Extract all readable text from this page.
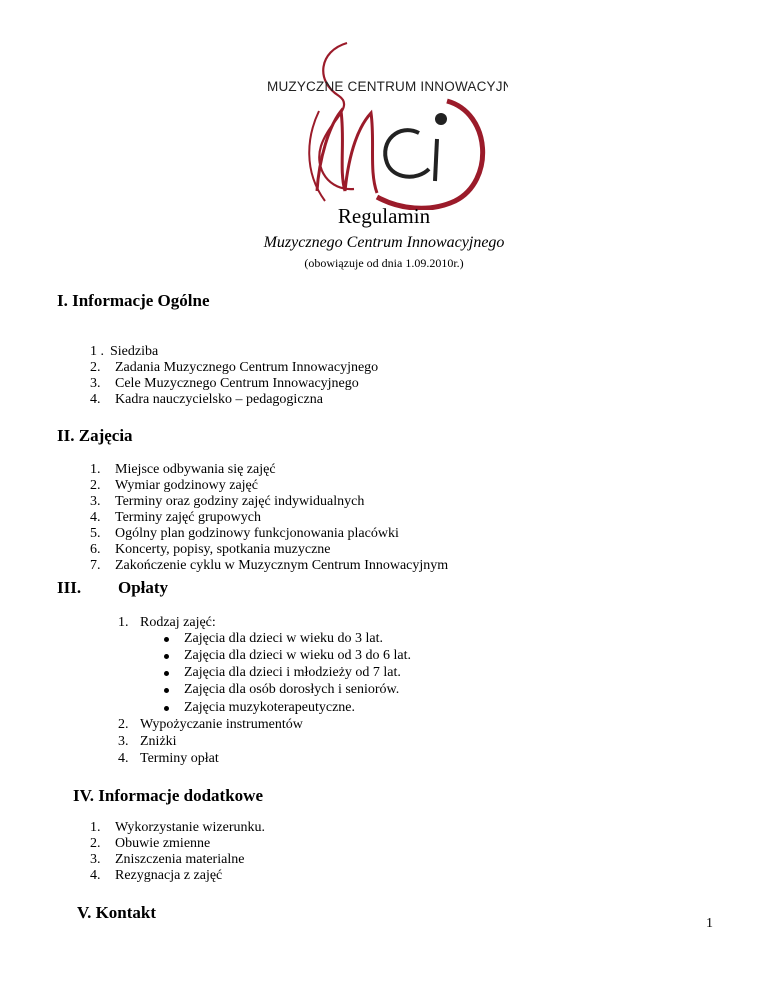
MUZYCZNE CENTRUM INNOWACYJNE
Regulamin
Muzycznego Centrum Innowacyjnego
(obowiązuje od dnia 1.09.2010r.)
I. Informacje Ogólne
1 . Siedziba
2. Zadania Muzycznego Centrum Innowacyjnego
3. Cele Muzycznego Centrum Innowacyjnego
4. Kadra nauczycielsko – pedagogiczna
II. Zajęcia
1. Miejsce odbywania się zajęć
2. Wymiar godzinowy zajęć
3. Terminy oraz godziny zajęć indywidualnych
4. Terminy zajęć grupowych
5. Ogólny plan godzinowy funkcjonowania placówki
6. Koncerty, popisy, spotkania muzyczne
7. Zakończenie cyklu w Muzycznym Centrum Innowacyjnym
III. Opłaty
1. Rodzaj zajęć:
Zajęcia dla dzieci w wieku do 3 lat.
Zajęcia dla dzieci w wieku od 3 do 6 lat.
Zajęcia dla dzieci i młodzieży od 7 lat.
Zajęcia dla osób dorosłych i seniorów.
Zajęcia muzykoterapeutyczne.
2. Wypożyczanie instrumentów
3. Zniżki
4. Terminy opłat
IV. Informacje dodatkowe
1. Wykorzystanie wizerunku.
2. Obuwie zmienne
3. Zniszczenia materialne
4. Rezygnacja z zajęć
V. Kontakt
1
